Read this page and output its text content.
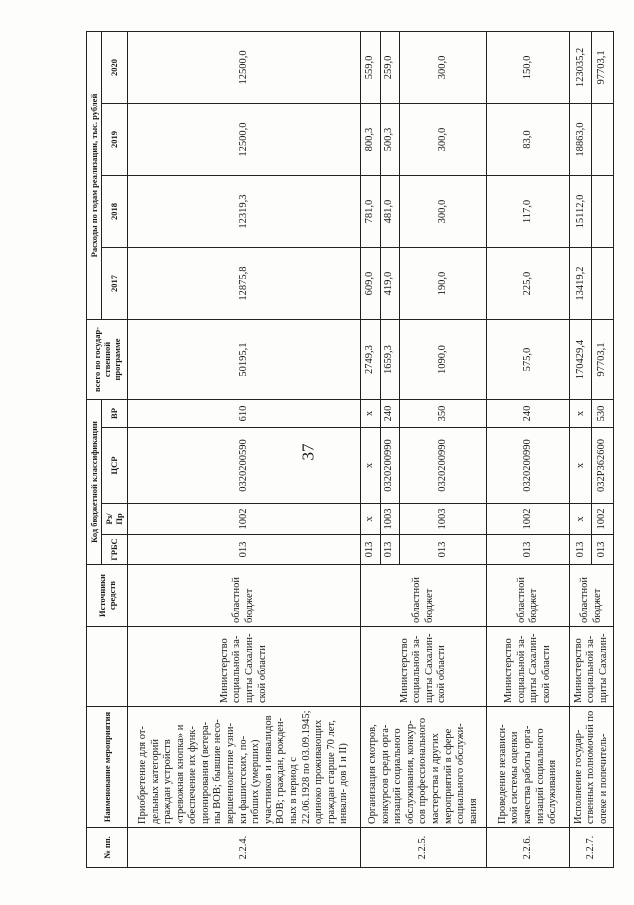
37
№ пп.	Наименование мероприятия		Источники средств	Код бюджетной классификации				всего по государ- ственной программе	Расходы по годам реализации, тыс. рублей			
				ГРБС	Рз/ Пр	ЦСР	ВР		2017	2018	2019	2020
2.2.4.	Приобретение для от- дельных категорий граждан устройств «тревожная кнопка» и обеспечение их функ- ционирования (ветера- ны ВОВ; бывшие несо- вершеннолетние узни- ки фашистских, по- гибших (умерших) участников и инвалидов ВОВ; граждан, рожден- ных в период с 22.06.1928 по 03.09.1945; одиноко проживающих граждан старше 70 лет, инвали- дов I и II)	Министерство социальной за- щиты Сахалин- ской области	областной бюджет	013	1002	0320200590	610	50195,1	12875,8	12319,3	12500,0	12500,0
2.2.5.	Организация смотров, конкурсов среди орга- низаций социального обслуживания, конкур- сов профессионального мастерства и других мероприятий в сфере социального обслужи- вания	Министерство социальной за- щиты Сахалин- ской области	областной бюджет	013	x	x	x	2749,3	609,0	781,0	800,3	559,0
				013	1003	0320200990	240	1659,3	419,0	481,0	500,3	259,0
				013	1003	0320200990	350	1090,0	190,0	300,0	300,0	300,0
2.2.6.	Проведение независи- мой системы оценки качества работы орга- низаций социального обслуживания	Министерство социальной за- щиты Сахалин- ской области	областной бюджет	013	1002	0320200990	240	575,0	225,0	117,0	83,0	150,0
2.2.7.	Исполнение государ- ственных полномочий по опеке и попечитель-	Министерство социальной за- щиты Сахалин-	областной бюджет	013	x	x	x	170429,4	13419,2	15112,0	18863,0	123035,2
				013	1002	032Р362600	530	97703,1				97703,1
